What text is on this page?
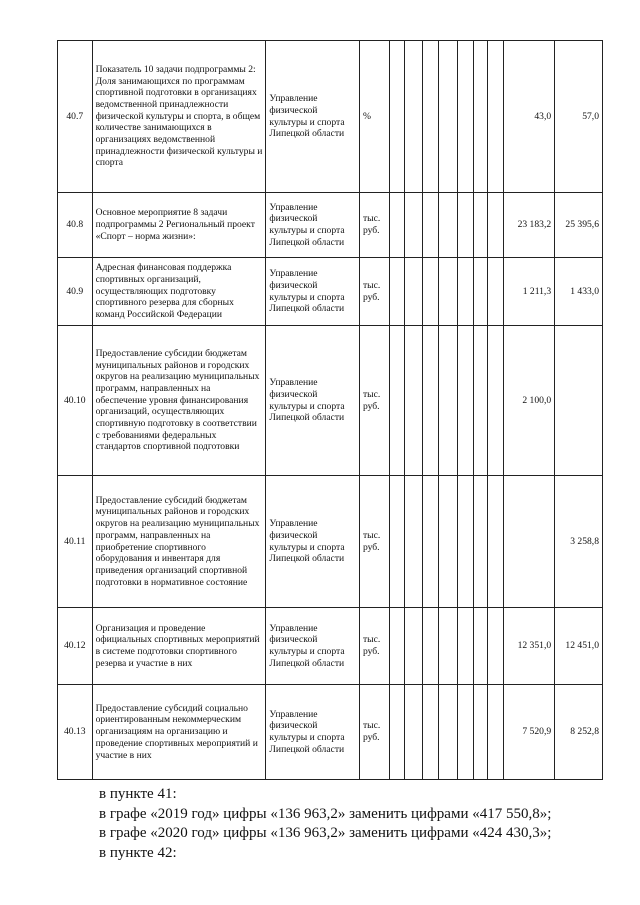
40.7	Показатель 10 задачи подпрограммы 2: Доля занимающихся по программам спортивной подготовки в организациях ведомственной принадлежности физической культуры и спорта, в общем количестве занимающихся в организациях ведомственной принадлежности физической культуры и спорта	Управление физической культуры и спорта Липецкой области	%								43,0	57,0
40.8	Основное мероприятие 8 задачи подпрограммы 2 Региональный проект «Спорт – норма жизни»:	Управление физической культуры и спорта Липецкой области	тыс. руб.								23 183,2	25 395,6
40.9	Адресная финансовая поддержка спортивных организаций, осуществляющих подготовку спортивного резерва для сборных команд Российской Федерации	Управление физической культуры и спорта Липецкой области	тыс. руб.								1 211,3	1 433,0
40.10	Предоставление субсидии бюджетам муниципальных районов и городских округов на реализацию муниципальных программ, направленных на обеспечение уровня финансирования организаций, осуществляющих спортивную подготовку в соответствии с требованиями федеральных стандартов спортивной подготовки	Управление физической культуры и спорта Липецкой области	тыс. руб.								2 100,0	
40.11	Предоставление субсидий бюджетам муниципальных районов и городских округов на реализацию муниципальных программ, направленных на приобретение спортивного оборудования и инвентаря для приведения организаций спортивной подготовки в нормативное состояние	Управление физической культуры и спорта Липецкой области	тыс. руб.									3 258,8
40.12	Организация и проведение официальных спортивных мероприятий в системе подготовки спортивного резерва и участие в них	Управление физической культуры и спорта Липецкой области	тыс. руб.								12 351,0	12 451,0
40.13	Предоставление субсидий социально ориентированным некоммерческим организациям на организацию и проведение спортивных мероприятий и участие в них	Управление физической культуры и спорта Липецкой области	тыс. руб.								7 520,9	8 252,8
в пункте 41:
в графе «2019 год» цифры «136 963,2» заменить цифрами «417 550,8»;
в графе «2020 год» цифры «136 963,2» заменить цифрами «424 430,3»;
в пункте 42:
